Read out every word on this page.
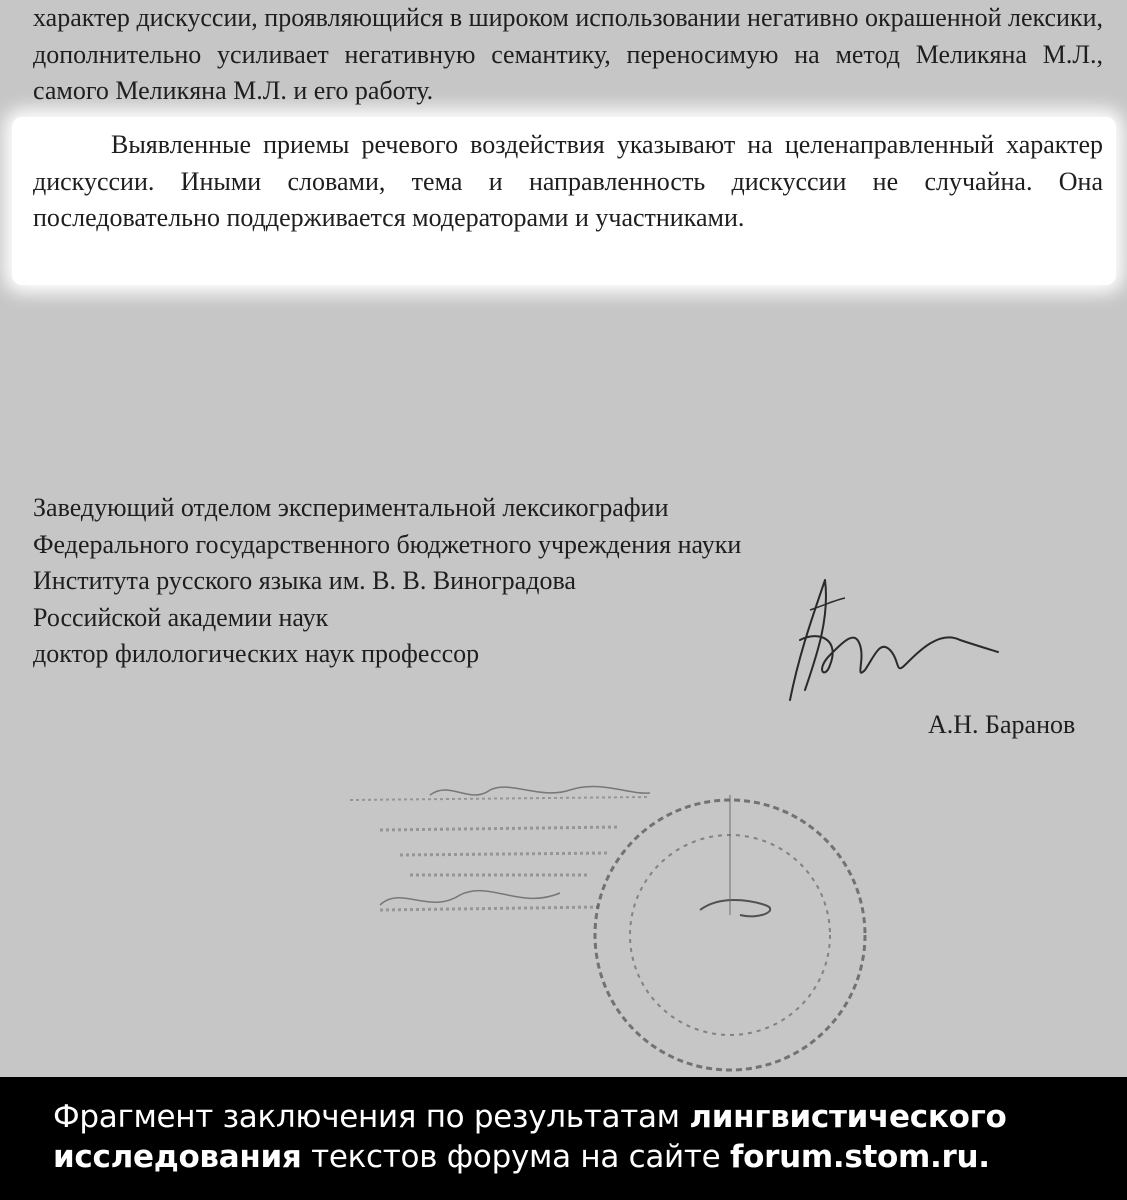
характер дискуссии, проявляющийся в широком использовании негативно окрашенной лексики, дополнительно усиливает негативную семантику, переносимую на метод Меликяна М.Л., самого Меликяна М.Л. и его работу.
Выявленные приемы речевого воздействия указывают на целенаправленный характер дискуссии. Иными словами, тема и направленность дискуссии не случайна. Она последовательно поддерживается модераторами и участниками.
Заведующий отделом экспериментальной лексикографии
Федерального государственного бюджетного учреждения науки
Института русского языка им. В. В. Виноградова
Российской академии наук
доктор филологических наук профессор
А.Н. Баранов
Фрагмент заключения по результатам лингвистического
исследования текстов форума на сайте forum.stom.ru.
